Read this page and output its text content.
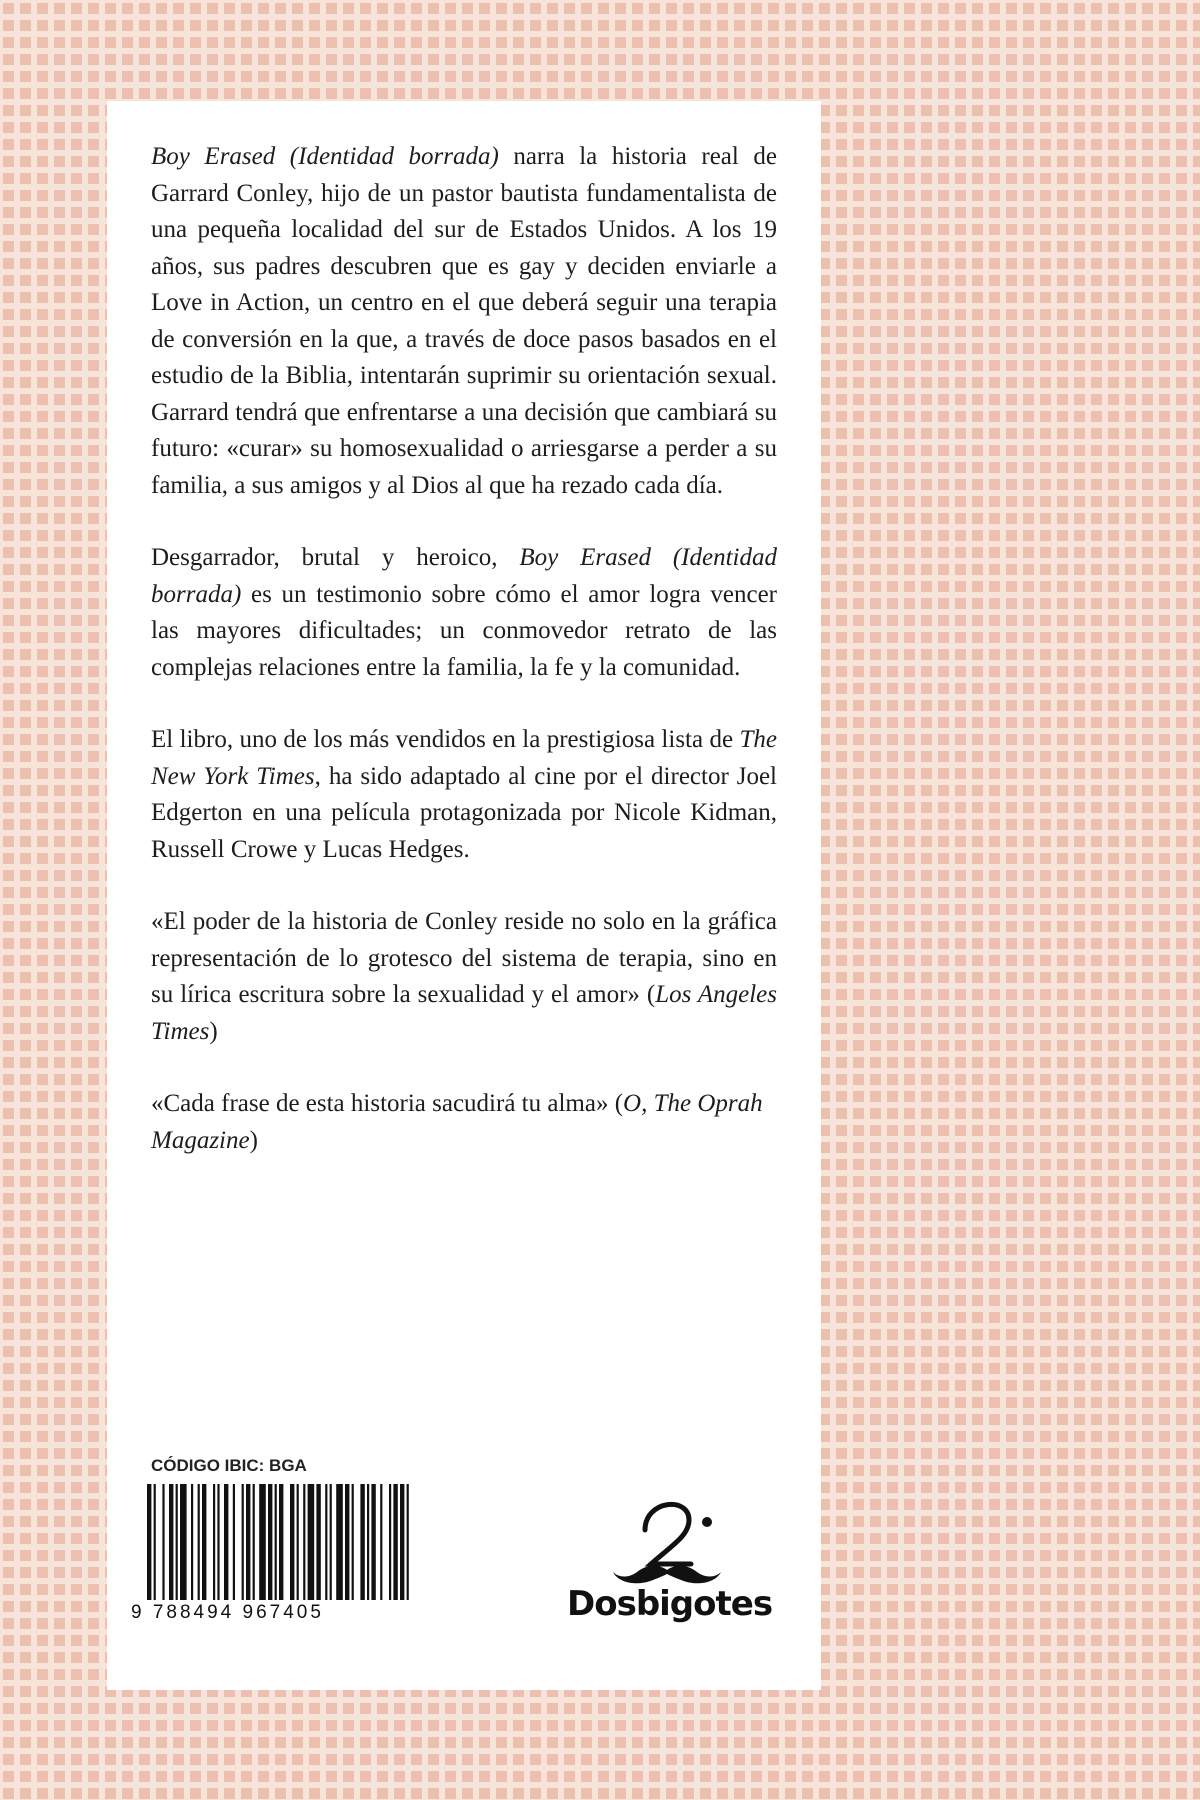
Boy Erased (Identidad borrada) narra la historia real de Garrard Conley, hijo de un pastor bautista fundamentalista de una pequeña localidad del sur de Estados Unidos. A los 19 años, sus padres descubren que es gay y deciden enviarle a Love in Action, un centro en el que deberá seguir una terapia de conversión en la que, a través de doce pasos basados en el estudio de la Biblia, intentarán suprimir su orientación sexual. Garrard tendrá que enfrentarse a una decisión que cambiará su futuro: «curar» su homosexualidad o arriesgarse a perder a su familia, a sus amigos y al Dios al que ha rezado cada día.

Desgarrador, brutal y heroico, Boy Erased (Identidad borrada) es un testimonio sobre cómo el amor logra vencer las mayores dificultades; un conmovedor retrato de las complejas relaciones entre la familia, la fe y la comunidad.

El libro, uno de los más vendidos en la prestigiosa lista de The New York Times, ha sido adaptado al cine por el director Joel Edgerton en una película protagonizada por Nicole Kidman, Russell Crowe y Lucas Hedges.

«El poder de la historia de Conley reside no solo en la gráfica representación de lo grotesco del sistema de terapia, sino en su lírica escritura sobre la sexualidad y el amor» (Los Angeles Times)

«Cada frase de esta historia sacudirá tu alma» (O, The Oprah Magazine)

CÓDIGO IBIC: BGA
9 788494 967405	Dosbigotes
